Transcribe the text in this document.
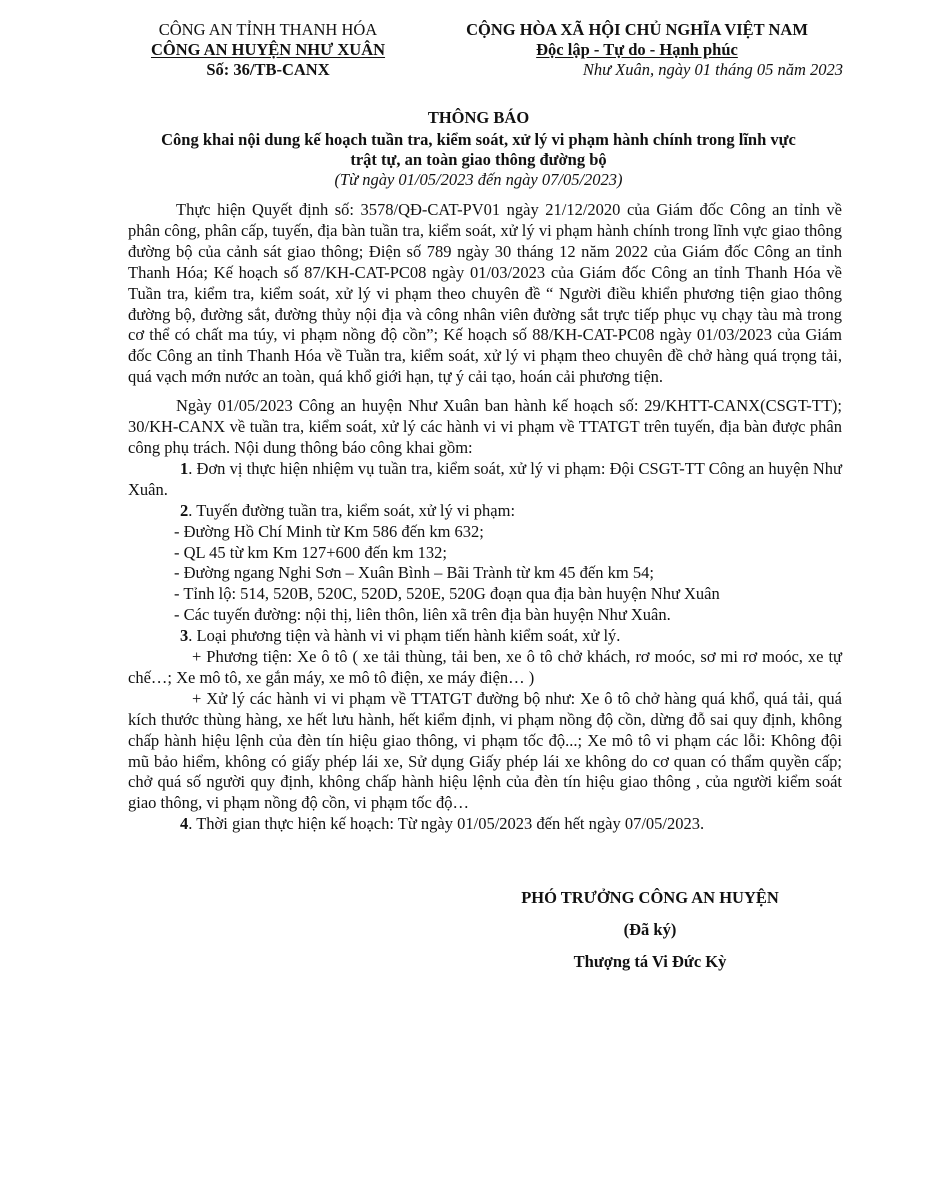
CÔNG AN TỈNH THANH HÓA
CÔNG AN HUYỆN NHƯ XUÂN
Số: 36/TB-CANX
CỘNG HÒA XÃ HỘI CHỦ NGHĨA VIỆT NAM
Độc lập - Tự do - Hạnh phúc
Như Xuân, ngày 01 tháng 05 năm 2023
THÔNG BÁO
Công khai nội dung kế hoạch tuần tra, kiểm soát, xử lý vi phạm hành chính trong lĩnh vực
trật tự, an toàn giao thông đường bộ
(Từ ngày 01/05/2023 đến ngày 07/05/2023)

Thực hiện Quyết định số: 3578/QĐ-CAT-PV01 ngày 21/12/2020 của Giám đốc Công an tỉnh về phân công, phân cấp, tuyến, địa bàn tuần tra, kiểm soát, xử lý vi phạm hành chính trong lĩnh vực giao thông đường bộ của cảnh sát giao thông; Điện số 789 ngày 30 tháng 12 năm 2022 của Giám đốc Công an tỉnh Thanh Hóa; Kế hoạch số 87/KH-CAT-PC08 ngày 01/03/2023 của Giám đốc Công an tỉnh Thanh Hóa về Tuần tra, kiểm tra, kiểm soát, xử lý vi phạm theo chuyên đề “ Người điều khiển phương tiện giao thông đường bộ, đường sắt, đường thủy nội địa và công nhân viên đường sắt trực tiếp phục vụ chạy tàu mà trong cơ thể có chất ma túy, vi phạm nồng độ cồn”; Kế hoạch số 88/KH-CAT-PC08 ngày 01/03/2023 của Giám đốc Công an tỉnh Thanh Hóa về Tuần tra, kiểm soát, xử lý vi phạm theo chuyên đề chở hàng quá trọng tải, quá vạch mớn nước an toàn, quá khổ giới hạn, tự ý cải tạo, hoán cải phương tiện.

Ngày 01/05/2023 Công an huyện Như Xuân ban hành kế hoạch số: 29/KHTT-CANX(CSGT-TT); 30/KH-CANX về tuần tra, kiểm soát, xử lý các hành vi vi phạm về TTATGT trên tuyến, địa bàn được phân công phụ trách. Nội dung thông báo công khai gồm:

1. Đơn vị thực hiện nhiệm vụ tuần tra, kiểm soát, xử lý vi phạm: Đội CSGT-TT Công an huyện Như Xuân.

2. Tuyến đường tuần tra, kiểm soát, xử lý vi phạm:

- Đường Hồ Chí Minh từ Km 586 đến km 632;

- QL 45 từ km Km 127+600 đến km 132;

- Đường ngang Nghi Sơn – Xuân Bình – Bãi Trành từ km 45 đến km 54;

- Tỉnh lộ: 514, 520B, 520C, 520D, 520E, 520G đoạn qua địa bàn huyện Như Xuân

- Các tuyến đường: nội thị, liên thôn, liên xã trên địa bàn huyện Như Xuân.

3. Loại phương tiện và hành vi vi phạm tiến hành kiểm soát, xử lý.

+ Phương tiện: Xe ô tô ( xe tải thùng, tải ben, xe ô tô chở khách, rơ moóc, sơ mi rơ moóc, xe tự chế…; Xe mô tô, xe gắn máy, xe mô tô điện, xe máy điện… )

+ Xử lý các hành vi vi phạm về TTATGT đường bộ như: Xe ô tô chở hàng quá khổ, quá tải, quá kích thước thùng hàng, xe hết lưu hành, hết kiểm định, vi phạm nồng độ cồn, dừng đỗ sai quy định, không chấp hành hiệu lệnh của đèn tín hiệu giao thông, vi phạm tốc độ...; Xe mô tô vi phạm các lỗi: Không đội mũ bảo hiểm, không có giấy phép lái xe, Sử dụng Giấy phép lái xe không do cơ quan có thẩm quyền cấp; chở quá số người quy định, không chấp hành hiệu lệnh của đèn tín hiệu giao thông , của người kiểm soát giao thông, vi phạm nồng độ cồn, vi phạm tốc độ…

4. Thời gian thực hiện kế hoạch: Từ ngày 01/05/2023 đến hết ngày 07/05/2023.

PHÓ TRƯỞNG CÔNG AN HUYỆN
(Đã ký)
Thượng tá Vi Đức Kỳ
